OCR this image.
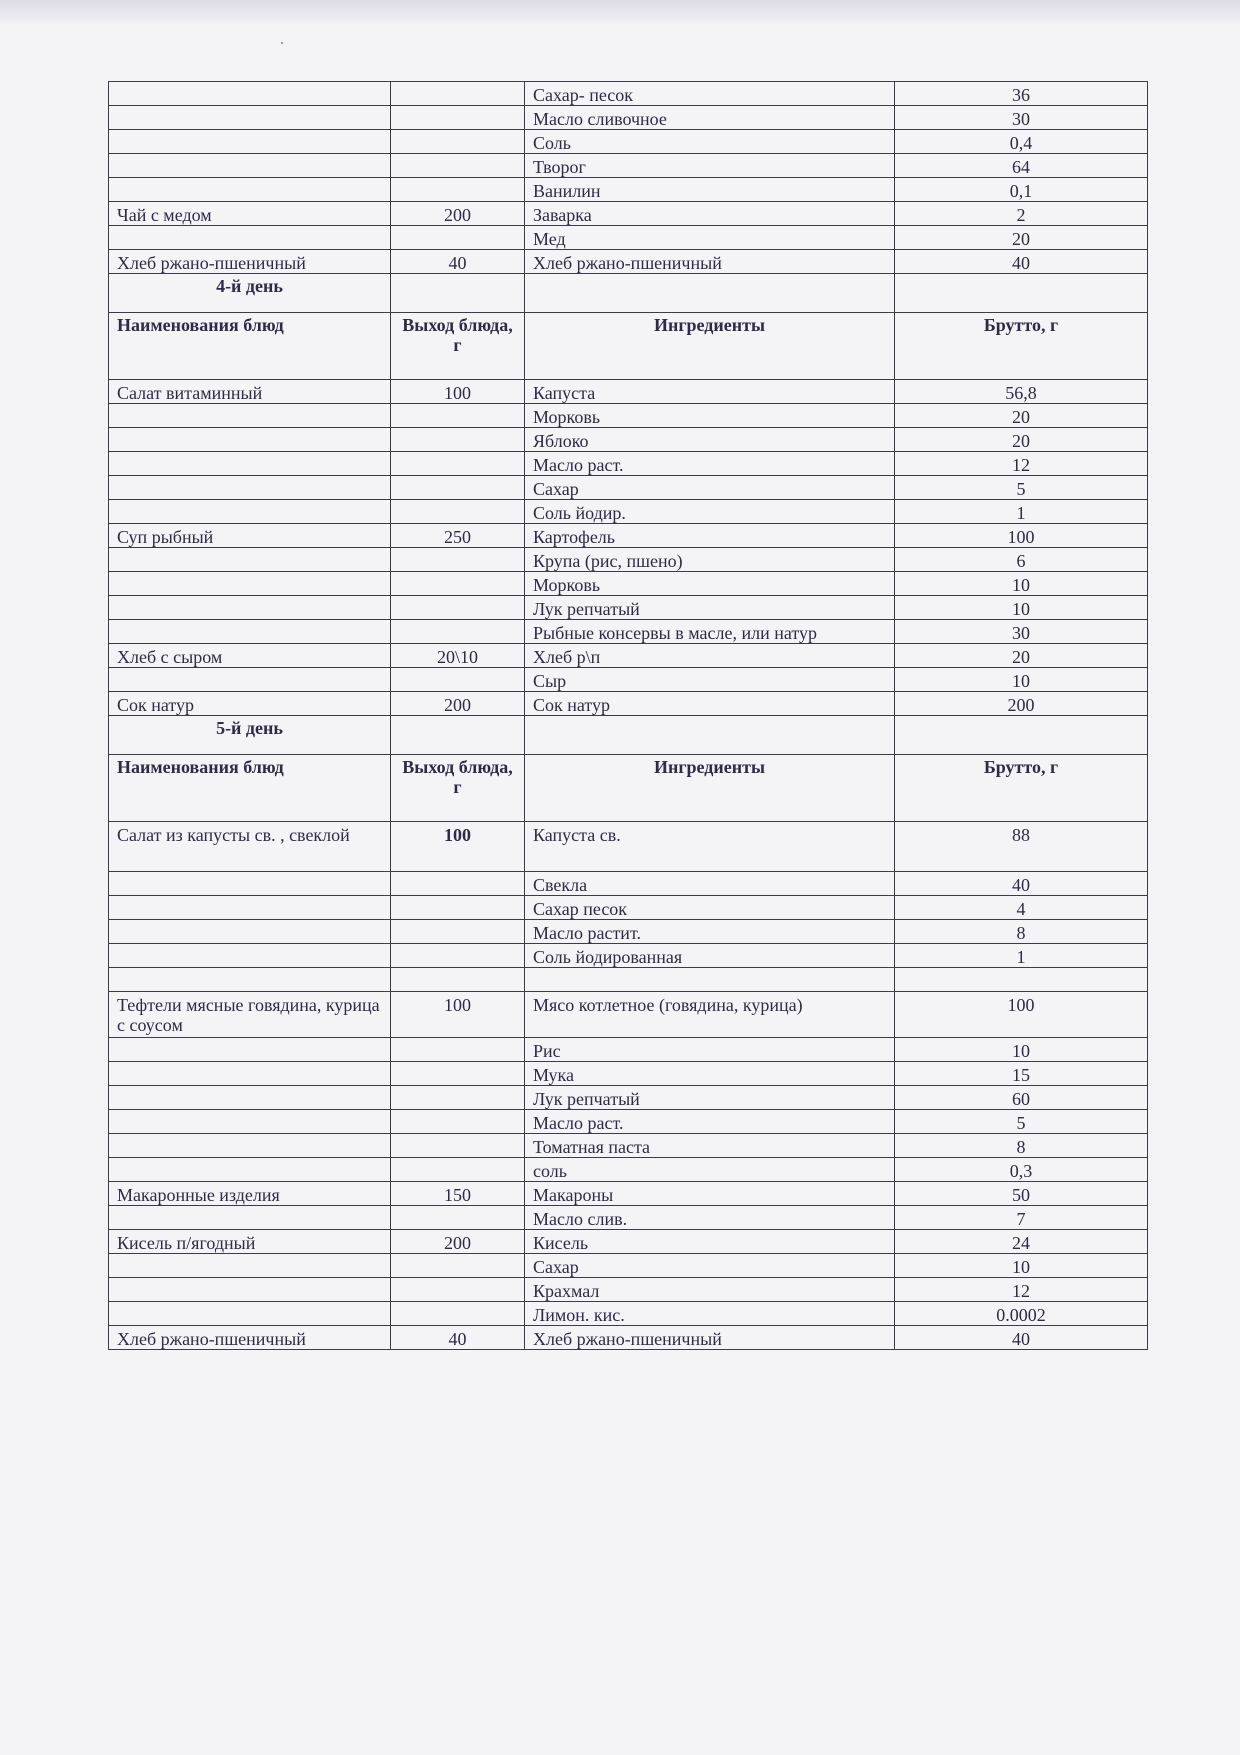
		Сахар- песок	36
		Масло сливочное	30
		Соль	0,4
		Творог	64
		Ванилин	0,1
Чай с медом	200	Заварка	2
		Мед	20
Хлеб ржано-пшеничный	40	Хлеб ржано-пшеничный	40
4-й день			
Наименования блюд	Выход блюда, г	Ингредиенты	Брутто, г
Салат витаминный	100	Капуста	56,8
		Морковь	20
		Яблоко	20
		Масло раст.	12
		Сахар	5
		Соль йодир.	1
Суп рыбный	250	Картофель	100
		Крупа (рис, пшено)	6
		Морковь	10
		Лук репчатый	10
		Рыбные консервы в масле, или натур	30
Хлеб с сыром	20\10	Хлеб р\п	20
		Сыр	10
Сок натур	200	Сок натур	200
5-й день			
Наименования блюд	Выход блюда, г	Ингредиенты	Брутто, г
Салат из капусты св. , свеклой	100	Капуста св.	88
		Свекла	40
		Сахар песок	4
		Масло растит.	8
		Соль йодированная	1

Тефтели мясные говядина, курица с соусом	100	Мясо котлетное (говядина, курица)	100
		Рис	10
		Мука	15
		Лук репчатый	60
		Масло раст.	5
		Томатная паста	8
		соль	0,3
Макаронные изделия	150	Макароны	50
		Масло слив.	7
Кисель п/ягодный	200	Кисель	24
		Сахар	10
		Крахмал	12
		Лимон. кис.	0.0002
Хлеб ржано-пшеничный	40	Хлеб ржано-пшеничный	40
